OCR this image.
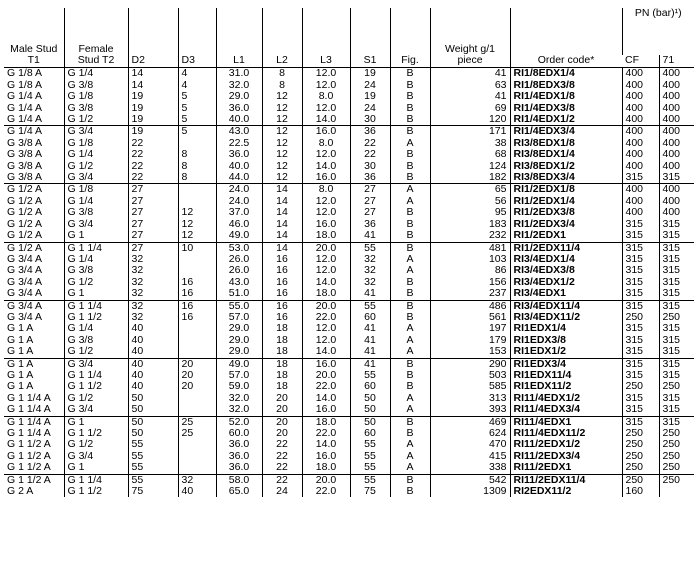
Male Stud T1	Female Stud T2	D2	D3	L1	L2	L3	S1	Fig.	Weight g/1 piece	Order code*	PN (bar)¹)	
											CF	71
G 1/8 A	G 1/4	14	4	31.0	8	12.0	19	B	41	RI1/8EDX1/4	400	400
G 1/8 A	G 3/8	14	4	32.0	8	12.0	24	B	63	RI1/8EDX3/8	400	400
G 1/4 A	G 1/8	19	5	29.0	12	8.0	19	B	41	RI1/4EDX1/8	400	400
G 1/4 A	G 3/8	19	5	36.0	12	12.0	24	B	69	RI1/4EDX3/8	400	400
G 1/4 A	G 1/2	19	5	40.0	12	14.0	30	B	120	RI1/4EDX1/2	400	400
G 1/4 A	G 3/4	19	5	43.0	12	16.0	36	B	171	RI1/4EDX3/4	400	400
G 3/8 A	G 1/8	22		22.5	12	8.0	22	A	38	RI3/8EDX1/8	400	400
G 3/8 A	G 1/4	22	8	36.0	12	12.0	22	B	68	RI3/8EDX1/4	400	400
G 3/8 A	G 1/2	22	8	40.0	12	14.0	30	B	124	RI3/8EDX1/2	400	400
G 3/8 A	G 3/4	22	8	44.0	12	16.0	36	B	182	RI3/8EDX3/4	315	315
G 1/2 A	G 1/8	27		24.0	14	8.0	27	A	65	RI1/2EDX1/8	400	400
G 1/2 A	G 1/4	27		24.0	14	12.0	27	A	56	RI1/2EDX1/4	400	400
G 1/2 A	G 3/8	27	12	37.0	14	12.0	27	B	95	RI1/2EDX3/8	400	400
G 1/2 A	G 3/4	27	12	46.0	14	16.0	36	B	183	RI1/2EDX3/4	315	315
G 1/2 A	G 1	27	12	49.0	14	18.0	41	B	232	RI1/2EDX1	315	315
G 1/2 A	G 1 1/4	27	10	53.0	14	20.0	55	B	481	RI1/2EDX11/4	315	315
G 3/4 A	G 1/4	32		26.0	16	12.0	32	A	103	RI3/4EDX1/4	315	315
G 3/4 A	G 3/8	32		26.0	16	12.0	32	A	86	RI3/4EDX3/8	315	315
G 3/4 A	G 1/2	32	16	43.0	16	14.0	32	B	156	RI3/4EDX1/2	315	315
G 3/4 A	G 1	32	16	51.0	16	18.0	41	B	237	RI3/4EDX1	315	315
G 3/4 A	G 1 1/4	32	16	55.0	16	20.0	55	B	486	RI3/4EDX11/4	315	315
G 3/4 A	G 1 1/2	32	16	57.0	16	22.0	60	B	561	RI3/4EDX11/2	250	250
G 1 A	G 1/4	40		29.0	18	12.0	41	A	197	RI1EDX1/4	315	315
G 1 A	G 3/8	40		29.0	18	12.0	41	A	179	RI1EDX3/8	315	315
G 1 A	G 1/2	40		29.0	18	14.0	41	A	153	RI1EDX1/2	315	315
G 1 A	G 3/4	40	20	49.0	18	16.0	41	B	290	RI1EDX3/4	315	315
G 1 A	G 1 1/4	40	20	57.0	18	20.0	55	B	503	RI1EDX11/4	315	315
G 1 A	G 1 1/2	40	20	59.0	18	22.0	60	B	585	RI1EDX11/2	250	250
G 1 1/4 A	G 1/2	50		32.0	20	14.0	50	A	313	RI11/4EDX1/2	315	315
G 1 1/4 A	G 3/4	50		32.0	20	16.0	50	A	393	RI11/4EDX3/4	315	315
G 1 1/4 A	G 1	50	25	52.0	20	18.0	50	B	469	RI11/4EDX1	315	315
G 1 1/4 A	G 1 1/2	50	25	60.0	20	22.0	60	B	624	RI11/4EDX11/2	250	250
G 1 1/2 A	G 1/2	55		36.0	22	14.0	55	A	470	RI11/2EDX1/2	250	250
G 1 1/2 A	G 3/4	55		36.0	22	16.0	55	A	415	RI11/2EDX3/4	250	250
G 1 1/2 A	G 1	55		36.0	22	18.0	55	A	338	RI11/2EDX1	250	250
G 1 1/2 A	G 1 1/4	55	32	58.0	22	20.0	55	B	542	RI11/2EDX11/4	250	250
G 2 A	G 1 1/2	75	40	65.0	24	22.0	75	B	1309	RI2EDX11/2	160	
